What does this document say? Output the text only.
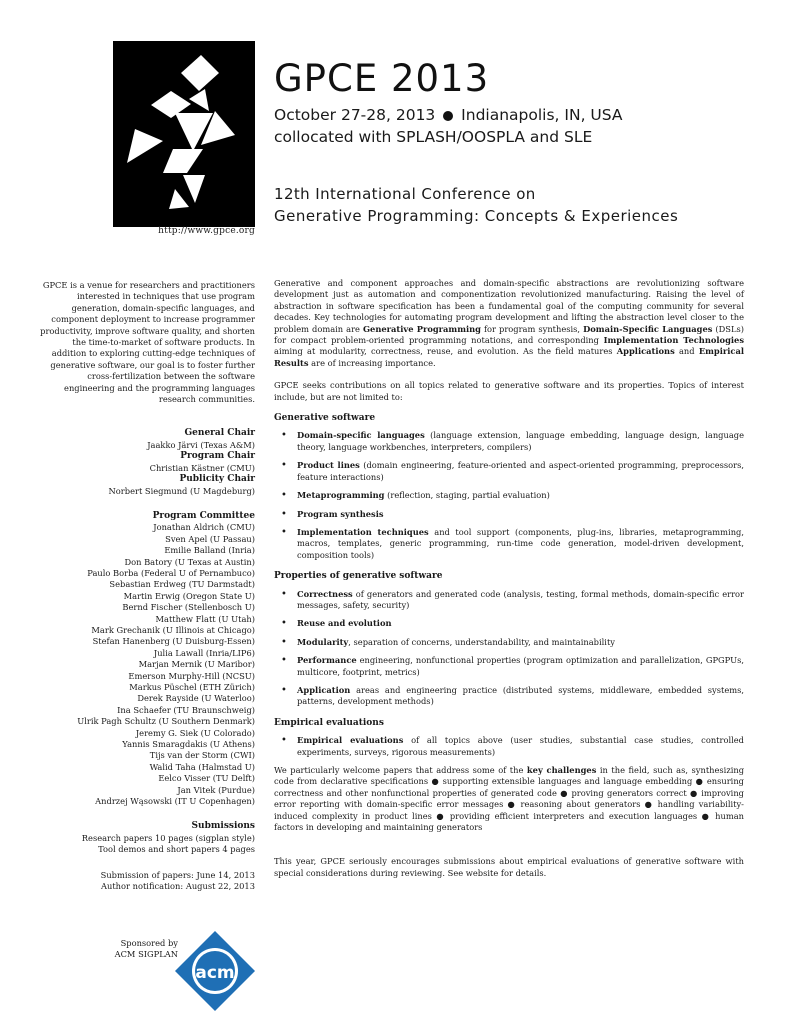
http://www.gpce.org
GPCE 2013
October 27-28, 2013 Indianapolis, IN, USA
collocated with SPLASH/OOSPLA and SLE
12th International Conference on
Generative Programming: Concepts & Experiences

GPCE is a venue for researchers and practitioners interested in techniques that use program generation, domain-specific languages, and component deployment to increase programmer productivity, improve software quality, and shorten the time-to-market of software products. In addition to exploring cutting-edge techniques of generative software, our goal is to foster further cross-fertilization between the software engineering and the programming languages research communities.

General Chair

Jaakko Järvi (Texas A&M)

Program Chair

Christian Kästner (CMU)

Publicity Chair

Norbert Siegmund (U Magdeburg)

Program Committee

Jonathan Aldrich (CMU)

Sven Apel (U Passau)

Emilie Balland (Inria)

Don Batory (U Texas at Austin)

Paulo Borba (Federal U of Pernambuco)

Sebastian Erdweg (TU Darmstadt)

Martin Erwig (Oregon State U)

Bernd Fischer (Stellenbosch U)

Matthew Flatt (U Utah)

Mark Grechanik (U Illinois at Chicago)

Stefan Hanenberg (U Duisburg-Essen)

Julia Lawall (Inria/LIP6)

Marjan Mernik (U Maribor)

Emerson Murphy-Hill (NCSU)

Markus Püschel (ETH Zürich)

Derek Rayside (U Waterloo)

Ina Schaefer (TU Braunschweig)

Ulrik Pagh Schultz (U Southern Denmark)

Jeremy G. Siek (U Colorado)

Yannis Smaragdakis (U Athens)

Tijs van der Storm (CWI)

Walid Taha (Halmstad U)

Eelco Visser (TU Delft)

Jan Vitek (Purdue)

Andrzej Wąsowski (IT U Copenhagen)

Submissions

Research papers 10 pages (sigplan style)

Tool demos and short papers 4 pages

Submission of papers: June 14, 2013

Author notification: August 22, 2013

Generative and component approaches and domain-specific abstractions are revolutionizing software development just as automation and componentization revolutionized manufacturing. Raising the level of abstraction in software specification has been a fundamental goal of the computing community for several decades. Key technologies for automating program development and lifting the abstraction level closer to the problem domain are Generative Programming for program synthesis, Domain-Specific Languages (DSLs) for compact problem-oriented programming notations, and corresponding Implementation Technologies aiming at modularity, correctness, reuse, and evolution. As the field matures Applications and Empirical Results are of increasing importance.

GPCE seeks contributions on all topics related to generative software and its properties. Topics of interest include, but are not limited to:

Generative software

• Domain-specific languages (language extension, language embedding, language design, language theory, language workbenches, interpreters, compilers)
• Product lines (domain engineering, feature-oriented and aspect-oriented programming, preprocessors, feature interactions)
• Metaprogramming (reflection, staging, partial evaluation)
• Program synthesis
• Implementation techniques and tool support (components, plug-ins, libraries, metaprogramming, macros, templates, generic programming, run-time code generation, model-driven development, composition tools)

Properties of generative software

• Correctness of generators and generated code (analysis, testing, formal methods, domain-specific error messages, safety, security)
• Reuse and evolution
• Modularity, separation of concerns, understandability, and maintainability
• Performance engineering, nonfunctional properties (program optimization and parallelization, GPGPUs, multicore, footprint, metrics)
• Application areas and engineering practice (distributed systems, middleware, embedded systems, patterns, development methods)

Empirical evaluations

• Empirical evaluations of all topics above (user studies, substantial case studies, controlled experiments, surveys, rigorous measurements)

We particularly welcome papers that address some of the key challenges in the field, such as, synthesizing code from declarative specifications ● supporting extensible languages and language embedding ● ensuring correctness and other nonfunctional properties of generated code ● proving generators correct ● improving error reporting with domain-specific error messages ● reasoning about generators ● handling variability-induced complexity in product lines ● providing efficient interpreters and execution languages ● human factors in developing and maintaining generators

This year, GPCE seriously encourages submissions about empirical evaluations of generative software with special considerations during reviewing. See website for details.

Sponsored by
ACM SIGPLAN
acm
